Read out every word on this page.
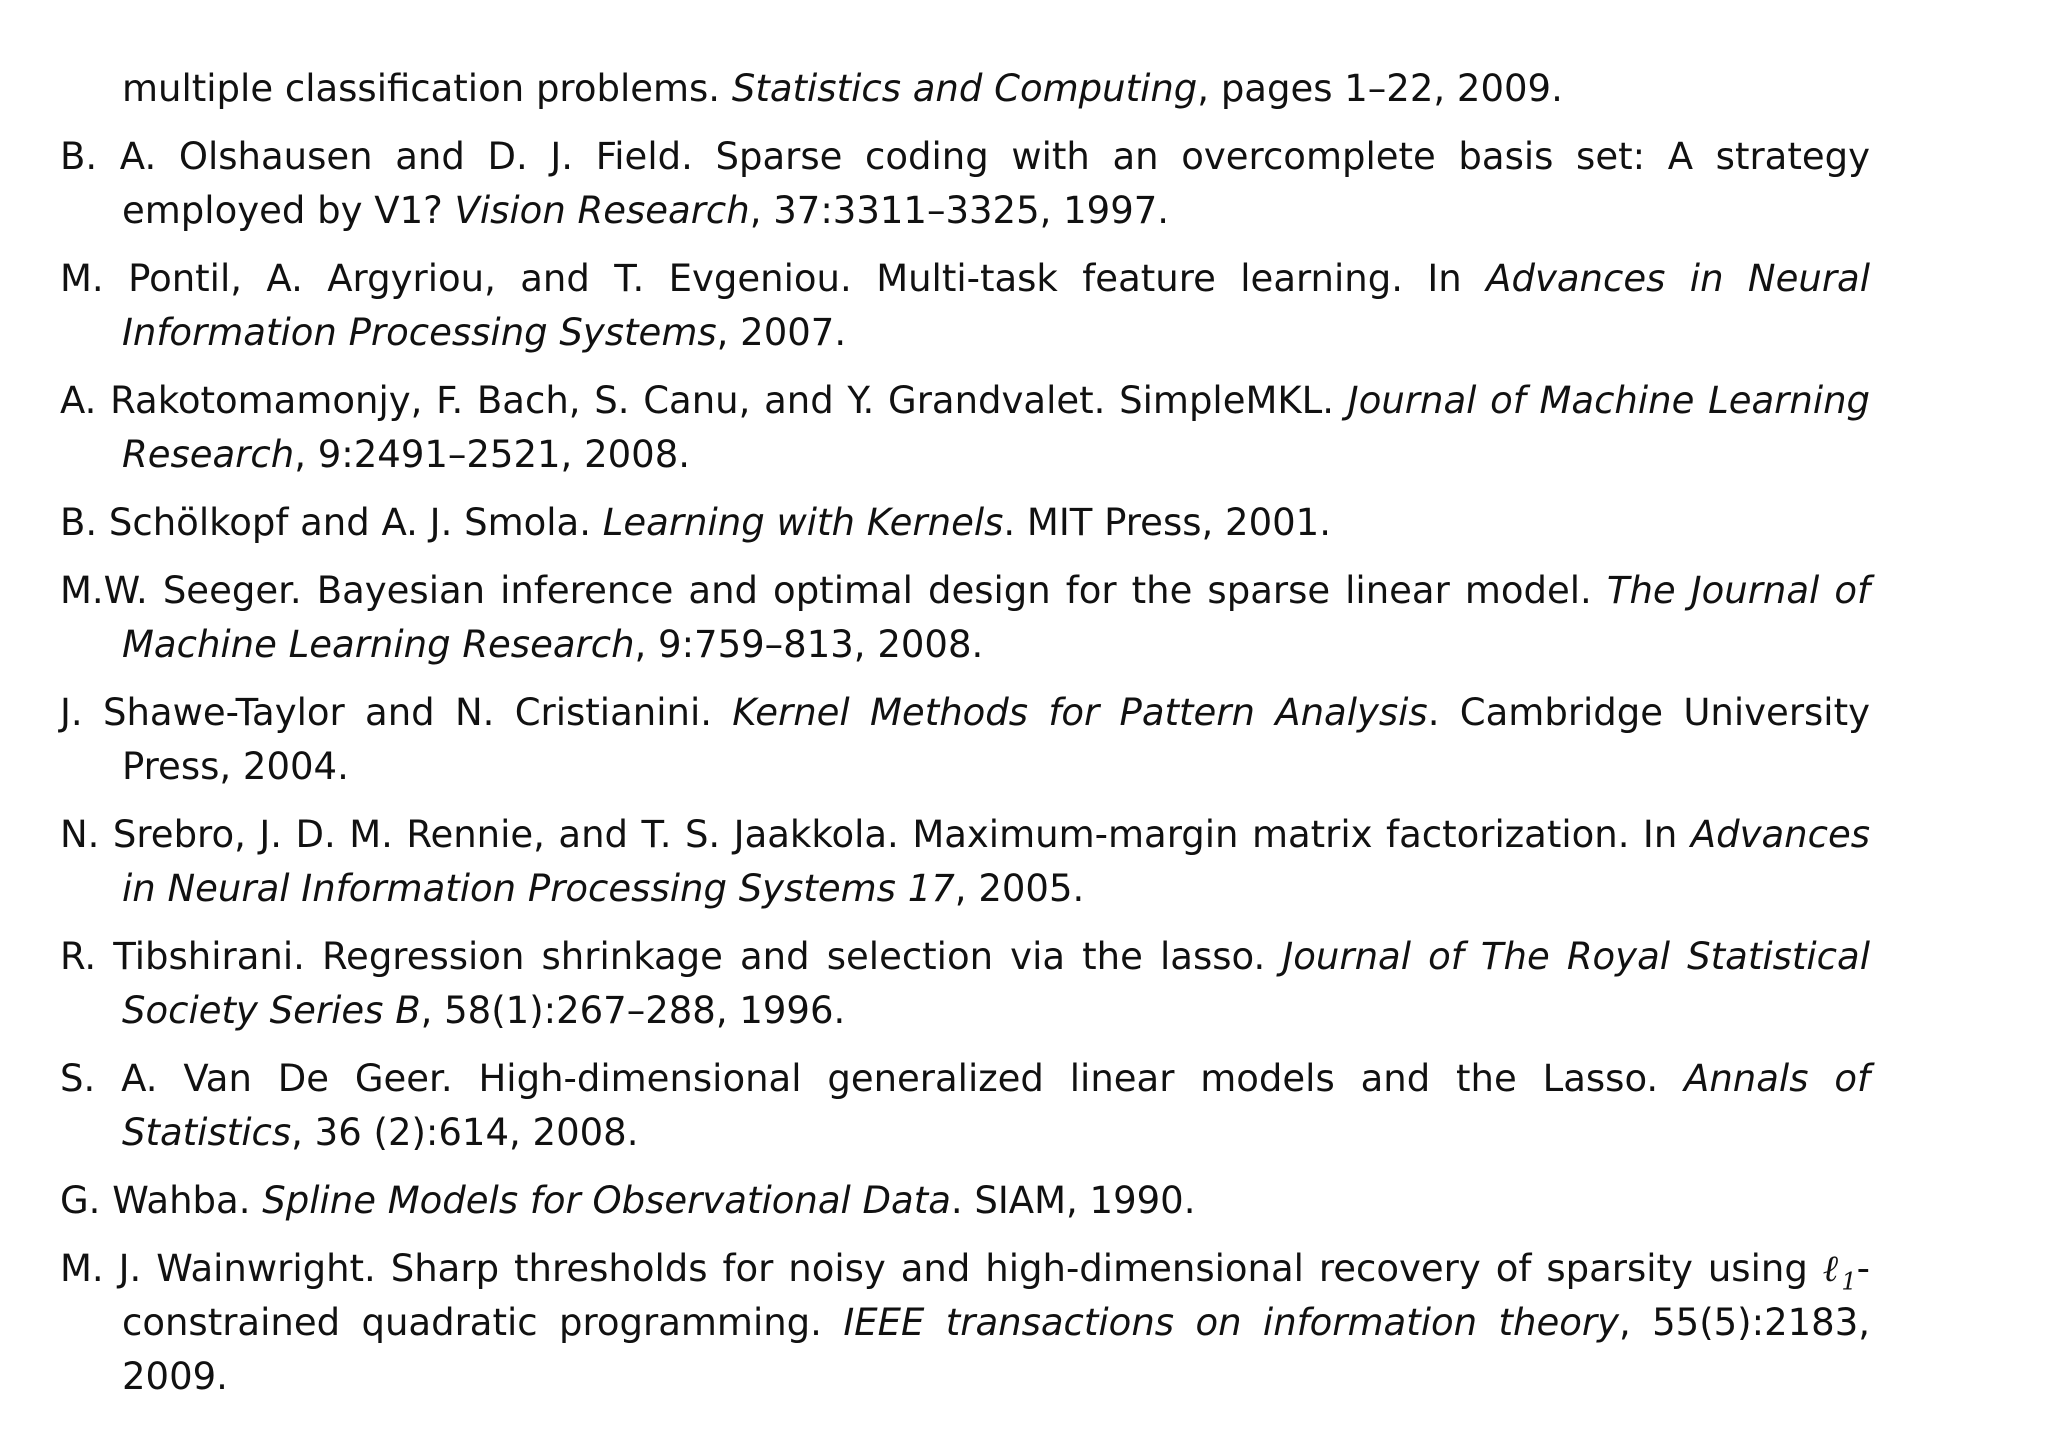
multiple classification problems. Statistics and Computing, pages 1–22, 2009.

B. A. Olshausen and D. J. Field. Sparse coding with an overcomplete basis set: A strategy employed by V1? Vision Research, 37:3311–3325, 1997.

M. Pontil, A. Argyriou, and T. Evgeniou. Multi-task feature learning. In Advances in Neural Information Processing Systems, 2007.

A. Rakotomamonjy, F. Bach, S. Canu, and Y. Grandvalet. SimpleMKL. Journal of Machine Learning Research, 9:2491–2521, 2008.

B. Schölkopf and A. J. Smola. Learning with Kernels. MIT Press, 2001.

M.W. Seeger. Bayesian inference and optimal design for the sparse linear model. The Journal of Machine Learning Research, 9:759–813, 2008.

J. Shawe-Taylor and N. Cristianini. Kernel Methods for Pattern Analysis. Cambridge University Press, 2004.

N. Srebro, J. D. M. Rennie, and T. S. Jaakkola. Maximum-margin matrix factorization. In Advances in Neural Information Processing Systems 17, 2005.

R. Tibshirani. Regression shrinkage and selection via the lasso. Journal of The Royal Statistical Society Series B, 58(1):267–288, 1996.

S. A. Van De Geer. High-dimensional generalized linear models and the Lasso. Annals of Statistics, 36 (2):614, 2008.

G. Wahba. Spline Models for Observational Data. SIAM, 1990.

M. J. Wainwright. Sharp thresholds for noisy and high-dimensional recovery of sparsity using ℓ$_1$-constrained quadratic programming. IEEE transactions on information theory, 55(5):2183, 2009.
